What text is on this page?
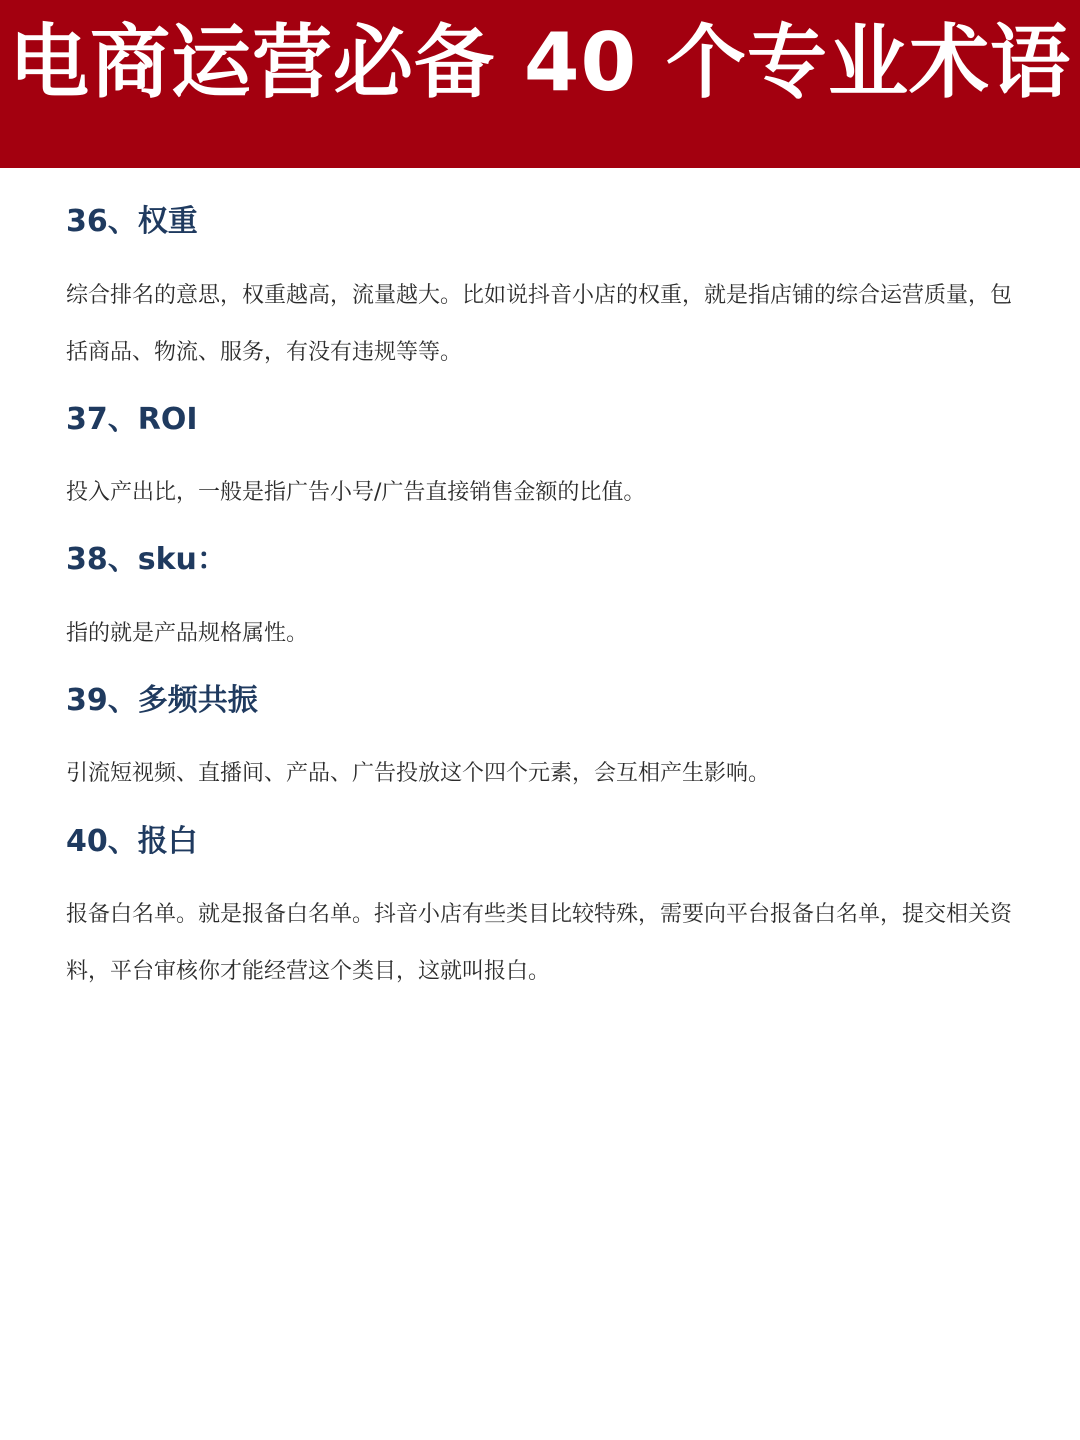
电商运营必备 40 个专业术语
36、权重

综合排名的意思，权重越高，流量越大。比如说抖音小店的权重，就是指店铺的综合运营质量，包括商品、物流、服务，有没有违规等等。

37、ROI

投入产出比，一般是指广告小号/广告直接销售金额的比值。

38、sku：

指的就是产品规格属性。

39、多频共振

引流短视频、直播间、产品、广告投放这个四个元素，会互相产生影响。

40、报白

报备白名单。就是报备白名单。抖音小店有些类目比较特殊，需要向平台报备白名单，提交相关资料，平台审核你才能经营这个类目，这就叫报白。
